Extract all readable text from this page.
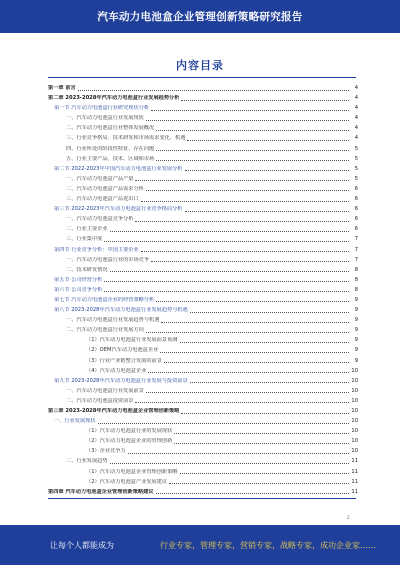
汽车动力电池盒企业管理创新策略研究报告
内容目录
第一章 前言	4
第二章 2023-2028年汽车动力电池盒行业发展趋势分析	4
第一节 汽车动力电池盒行业研究现状分析	4
一、汽车动力电池盒行业发展现状	4
二、汽车动力电池盒行业整体发展概况	4
三、行业竞争格局、技术研发和市场需求变化、机遇	4
四、行业所处的阶段性特征、存在问题	5
五、行业主要产品、技术、区域和市场	5
第二节 2022-2023年中国汽车动力电池盒行业发展分析	5
一、汽车动力电池盒产品产量	5
二、汽车动力电池盒产品需求分析	6
三、汽车动力电池盒产品进出口	6
第三节 2022-2023年汽车动力电池盒行业竞争格局分析	6
一、汽车动力电池盒竞争分析	6
二、行业主要企业	6
三、行业集中度	7
第四节 行业竞争分析：中国主要企业	7
一、汽车动力电池盒行业的市场竞争	7
二、技术研发情况	8
第五节 公司经营分析	8
第六节 公司竞争分析	8
第七节 汽车动力电池盒企业的经营策略分析	9
第八节 2023-2028年汽车动力电池盒行业发展趋势与机遇	9
一、汽车动力电池盒行业发展趋势与机遇	9
二、汽车动力电池盒行业发展方向	9
（1）汽车动力电池盒行业发展前景预测	9
（2）OEM汽车动力电池盒企业	9
（3）行业产业链整合发展的前景	9
（4）汽车动力电池盒企业	10
第九节 2023-2028年汽车动力电池盒行业发展与投资前景	10
一、汽车动力电池盒行业发展前景	10
二、汽车动力电池盒投资前景	10
第三章 2023-2028年汽车动力电池盒企业管理创新策略	10
一、行业发展现状	10
（1）汽车动力电池盒行业的发展现状	10
（2）汽车动力电池盒企业的管理创新	10
（3）企业竞争力	10
二、行业发展趋势	11
（1）汽车动力电池盒企业管理创新策略	11
（2）汽车动力电池盒产业发展建议	11
第四章 汽车动力电池盒企业管理创新策略建议	11
2
让每个人都能成为	行业专家，管理专家，营销专家，战略专家，成功企业家……
